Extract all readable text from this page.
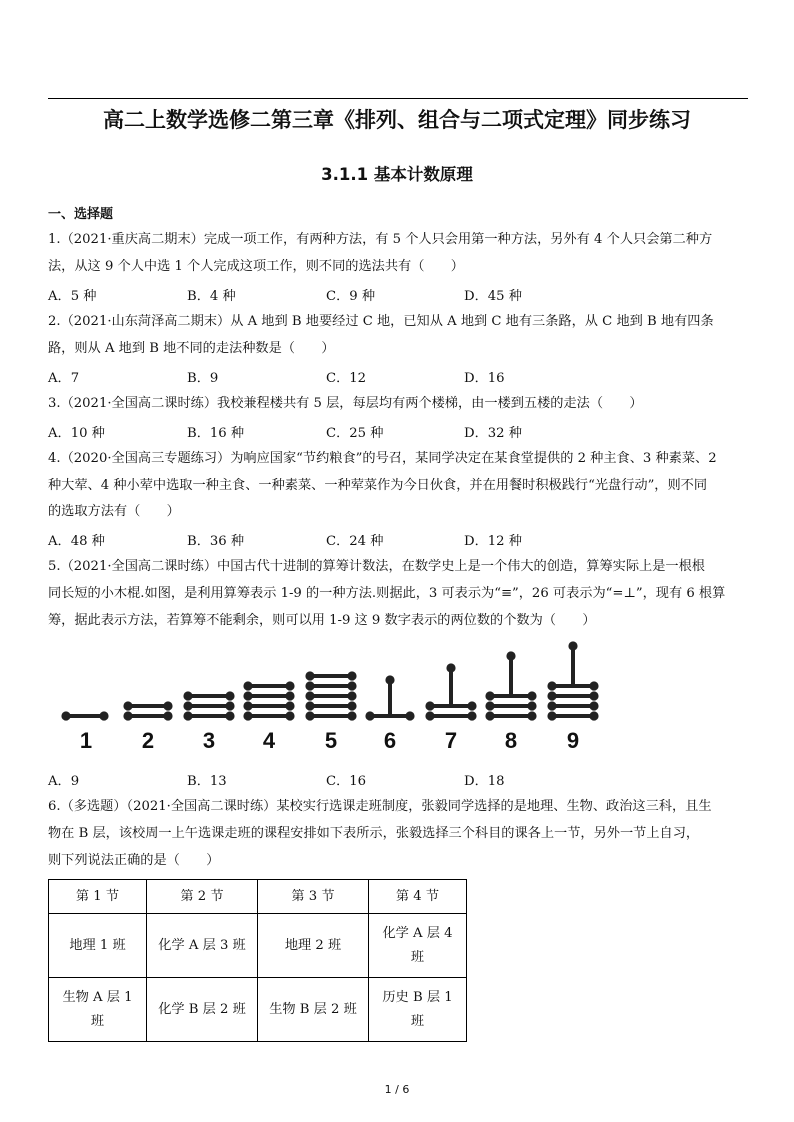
高二上数学选修二第三章《排列、组合与二项式定理》同步练习
3.1.1 基本计数原理
一、选择题
1.（2021·重庆高二期末）完成一项工作，有两种方法，有 5 个人只会用第一种方法，另外有 4 个人只会第二种方
法，从这 9 个人中选 1 个人完成这项工作，则不同的选法共有（　　）
A．5 种	B．4 种	C．9 种	D．45 种
2.（2021·山东菏泽高二期末）从 A 地到 B 地要经过 C 地，已知从 A 地到 C 地有三条路，从 C 地到 B 地有四条
路，则从 A 地到 B 地不同的走法种数是（　　）
A．7	B．9	C．12	D．16
3.（2021·全国高二课时练）我校兼程楼共有 5 层，每层均有两个楼梯，由一楼到五楼的走法（　　）
A．10 种	B．16 种	C．25 种	D．32 种
4.（2020·全国高三专题练习）为响应国家“节约粮食”的号召，某同学决定在某食堂提供的 2 种主食、3 种素菜、2
种大荤、4 种小荤中选取一种主食、一种素菜、一种荤菜作为今日伙食，并在用餐时积极践行“光盘行动”，则不同
的选取方法有（　　）
A．48 种	B．36 种	C．24 种	D．12 种
5.（2021·全国高二课时练）中国古代十进制的算筹计数法，在数学史上是一个伟大的创造，算筹实际上是一根根
同长短的小木棍.如图，是利用算筹表示 1-9 的一种方法.则据此，3 可表示为“≡”，26 可表示为“=⊥”，现有 6 根算
筹，据此表示方法，若算筹不能剩余，则可以用 1-9 这 9 数字表示的两位数的个数为（　　）
1 2 3 4 5 6 7 8 9
A．9	B．13	C．16	D．18
6.（多选题）（2021·全国高二课时练）某校实行选课走班制度，张毅同学选择的是地理、生物、政治这三科，且生
物在 B 层，该校周一上午选课走班的课程安排如下表所示，张毅选择三个科目的课各上一节，另外一节上自习，
则下列说法正确的是（　　）
第 1 节	第 2 节	第 3 节	第 4 节
地理 1 班	化学 A 层 3 班	地理 2 班	化学 A 层 4
班
生物 A 层 1
班	化学 B 层 2 班	生物 B 层 2 班	历史 B 层 1
班
1 / 6
